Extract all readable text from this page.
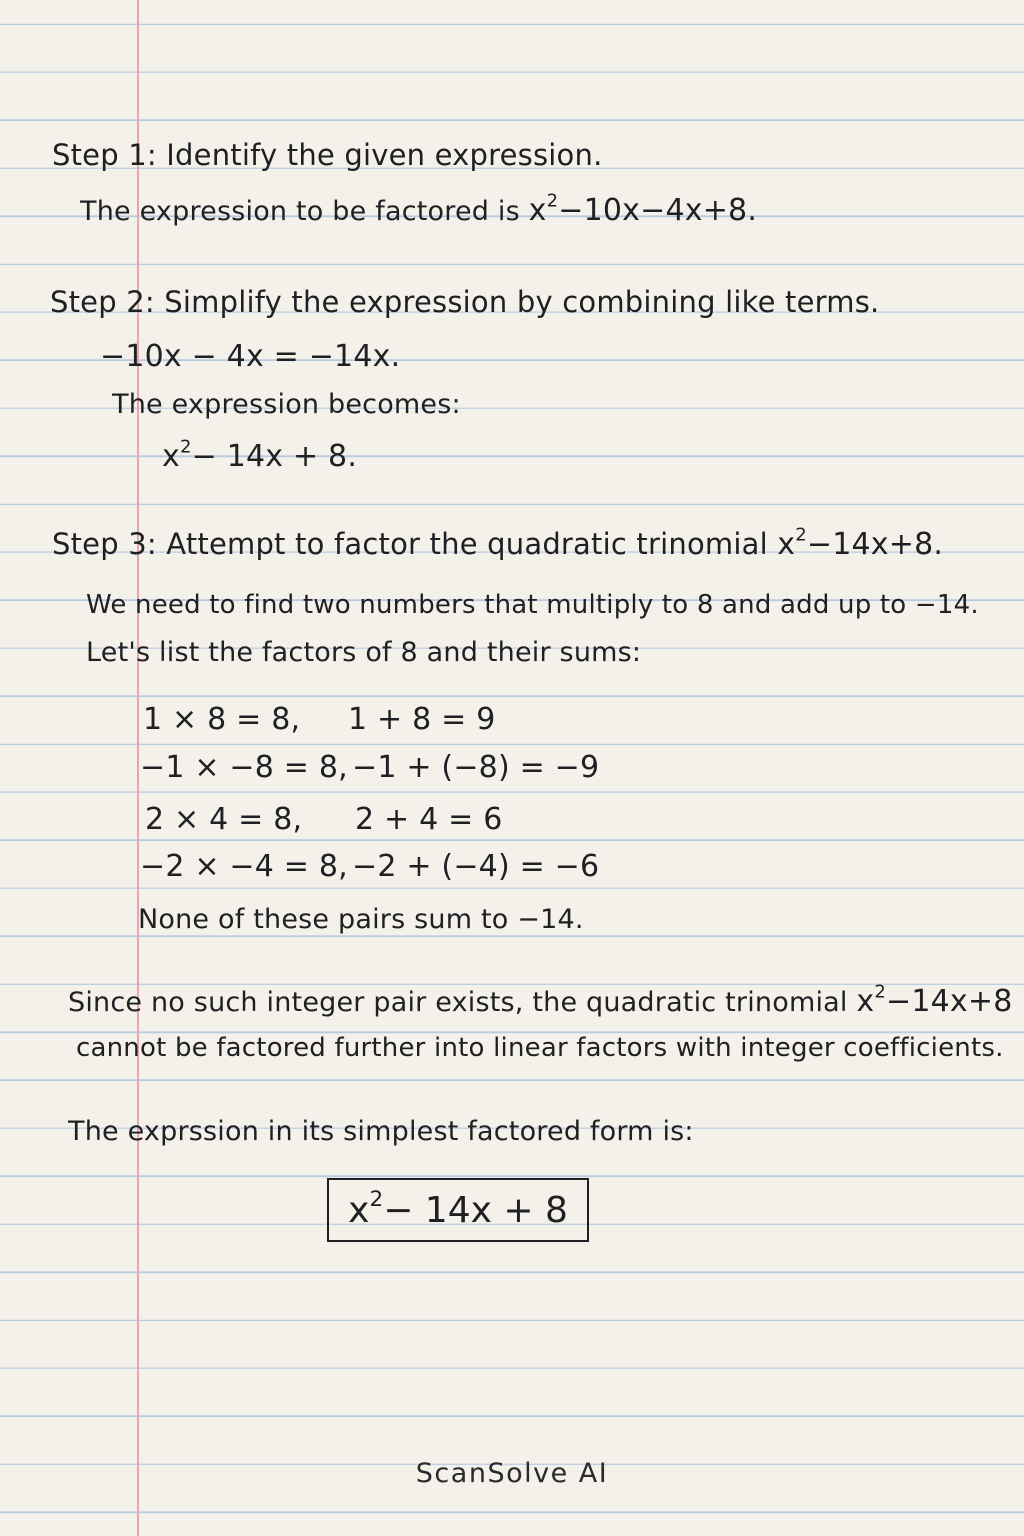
Step 1: Identify the given expression.
The expression to be factored is $x^2-10x-4x+8$.
Step 2: Simplify the expression by combining like terms.
−10x − 4x = −14x.
The expression becomes:
$x^2- 14x + 8$.
Step 3: Attempt to factor the quadratic trinomial $x^2-14x+8$.
We need to find two numbers that multiply to 8 and add up to −14.
Let's list the factors of 8 and their sums:
1 × 8 = 8, 1 + 8 = 9
−1 × −8 = 8, −1 + (−8) = −9
2 × 4 = 8, 2 + 4 = 6
−2 × −4 = 8, −2 + (−4) = −6
None of these pairs sum to −14.
Since no such integer pair exists, the quadratic trinomial $x^2-14x+8$
cannot be factored further into linear factors with integer coefficients.
The exprssion in its simplest factored form is:
$x^2- 14x + 8$
ScanSolve AI
